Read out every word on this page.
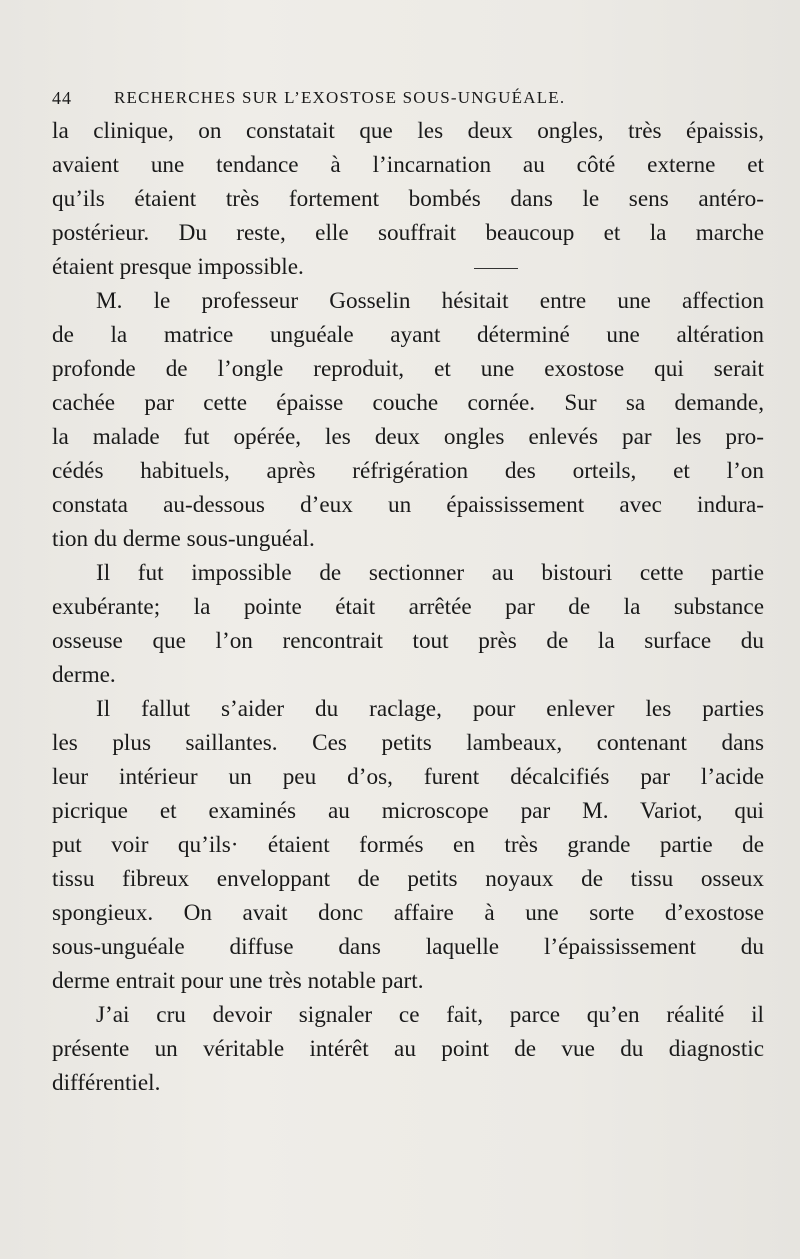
44 RECHERCHES SUR L’EXOSTOSE SOUS-UNGUÉALE.

la clinique, on constatait que les deux ongles, très épaissis,
avaient une tendance à l’incarnation au côté externe et
qu’ils étaient très fortement bombés dans le sens antéro-
postérieur. Du reste, elle souffrait beaucoup et la marche
étaient presque impossible.

M. le professeur Gosselin hésitait entre une affection
de la matrice unguéale ayant déterminé une altération
profonde de l’ongle reproduit, et une exostose qui serait
cachée par cette épaisse couche cornée. Sur sa demande,
la malade fut opérée, les deux ongles enlevés par les pro-
cédés habituels, après réfrigération des orteils, et l’on
constata au-dessous d’eux un épaississement avec indura-
tion du derme sous-unguéal.

Il fut impossible de sectionner au bistouri cette partie
exubérante; la pointe était arrêtée par de la substance
osseuse que l’on rencontrait tout près de la surface du
derme.

Il fallut s’aider du raclage, pour enlever les parties
les plus saillantes. Ces petits lambeaux, contenant dans
leur intérieur un peu d’os, furent décalcifiés par l’acide
picrique et examinés au microscope par M. Variot, qui
put voir qu’ils· étaient formés en très grande partie de
tissu fibreux enveloppant de petits noyaux de tissu osseux
spongieux. On avait donc affaire à une sorte d’exostose
sous-unguéale diffuse dans laquelle l’épaississement du
derme entrait pour une très notable part.

J’ai cru devoir signaler ce fait, parce qu’en réalité il
présente un véritable intérêt au point de vue du diagnostic
différentiel.
